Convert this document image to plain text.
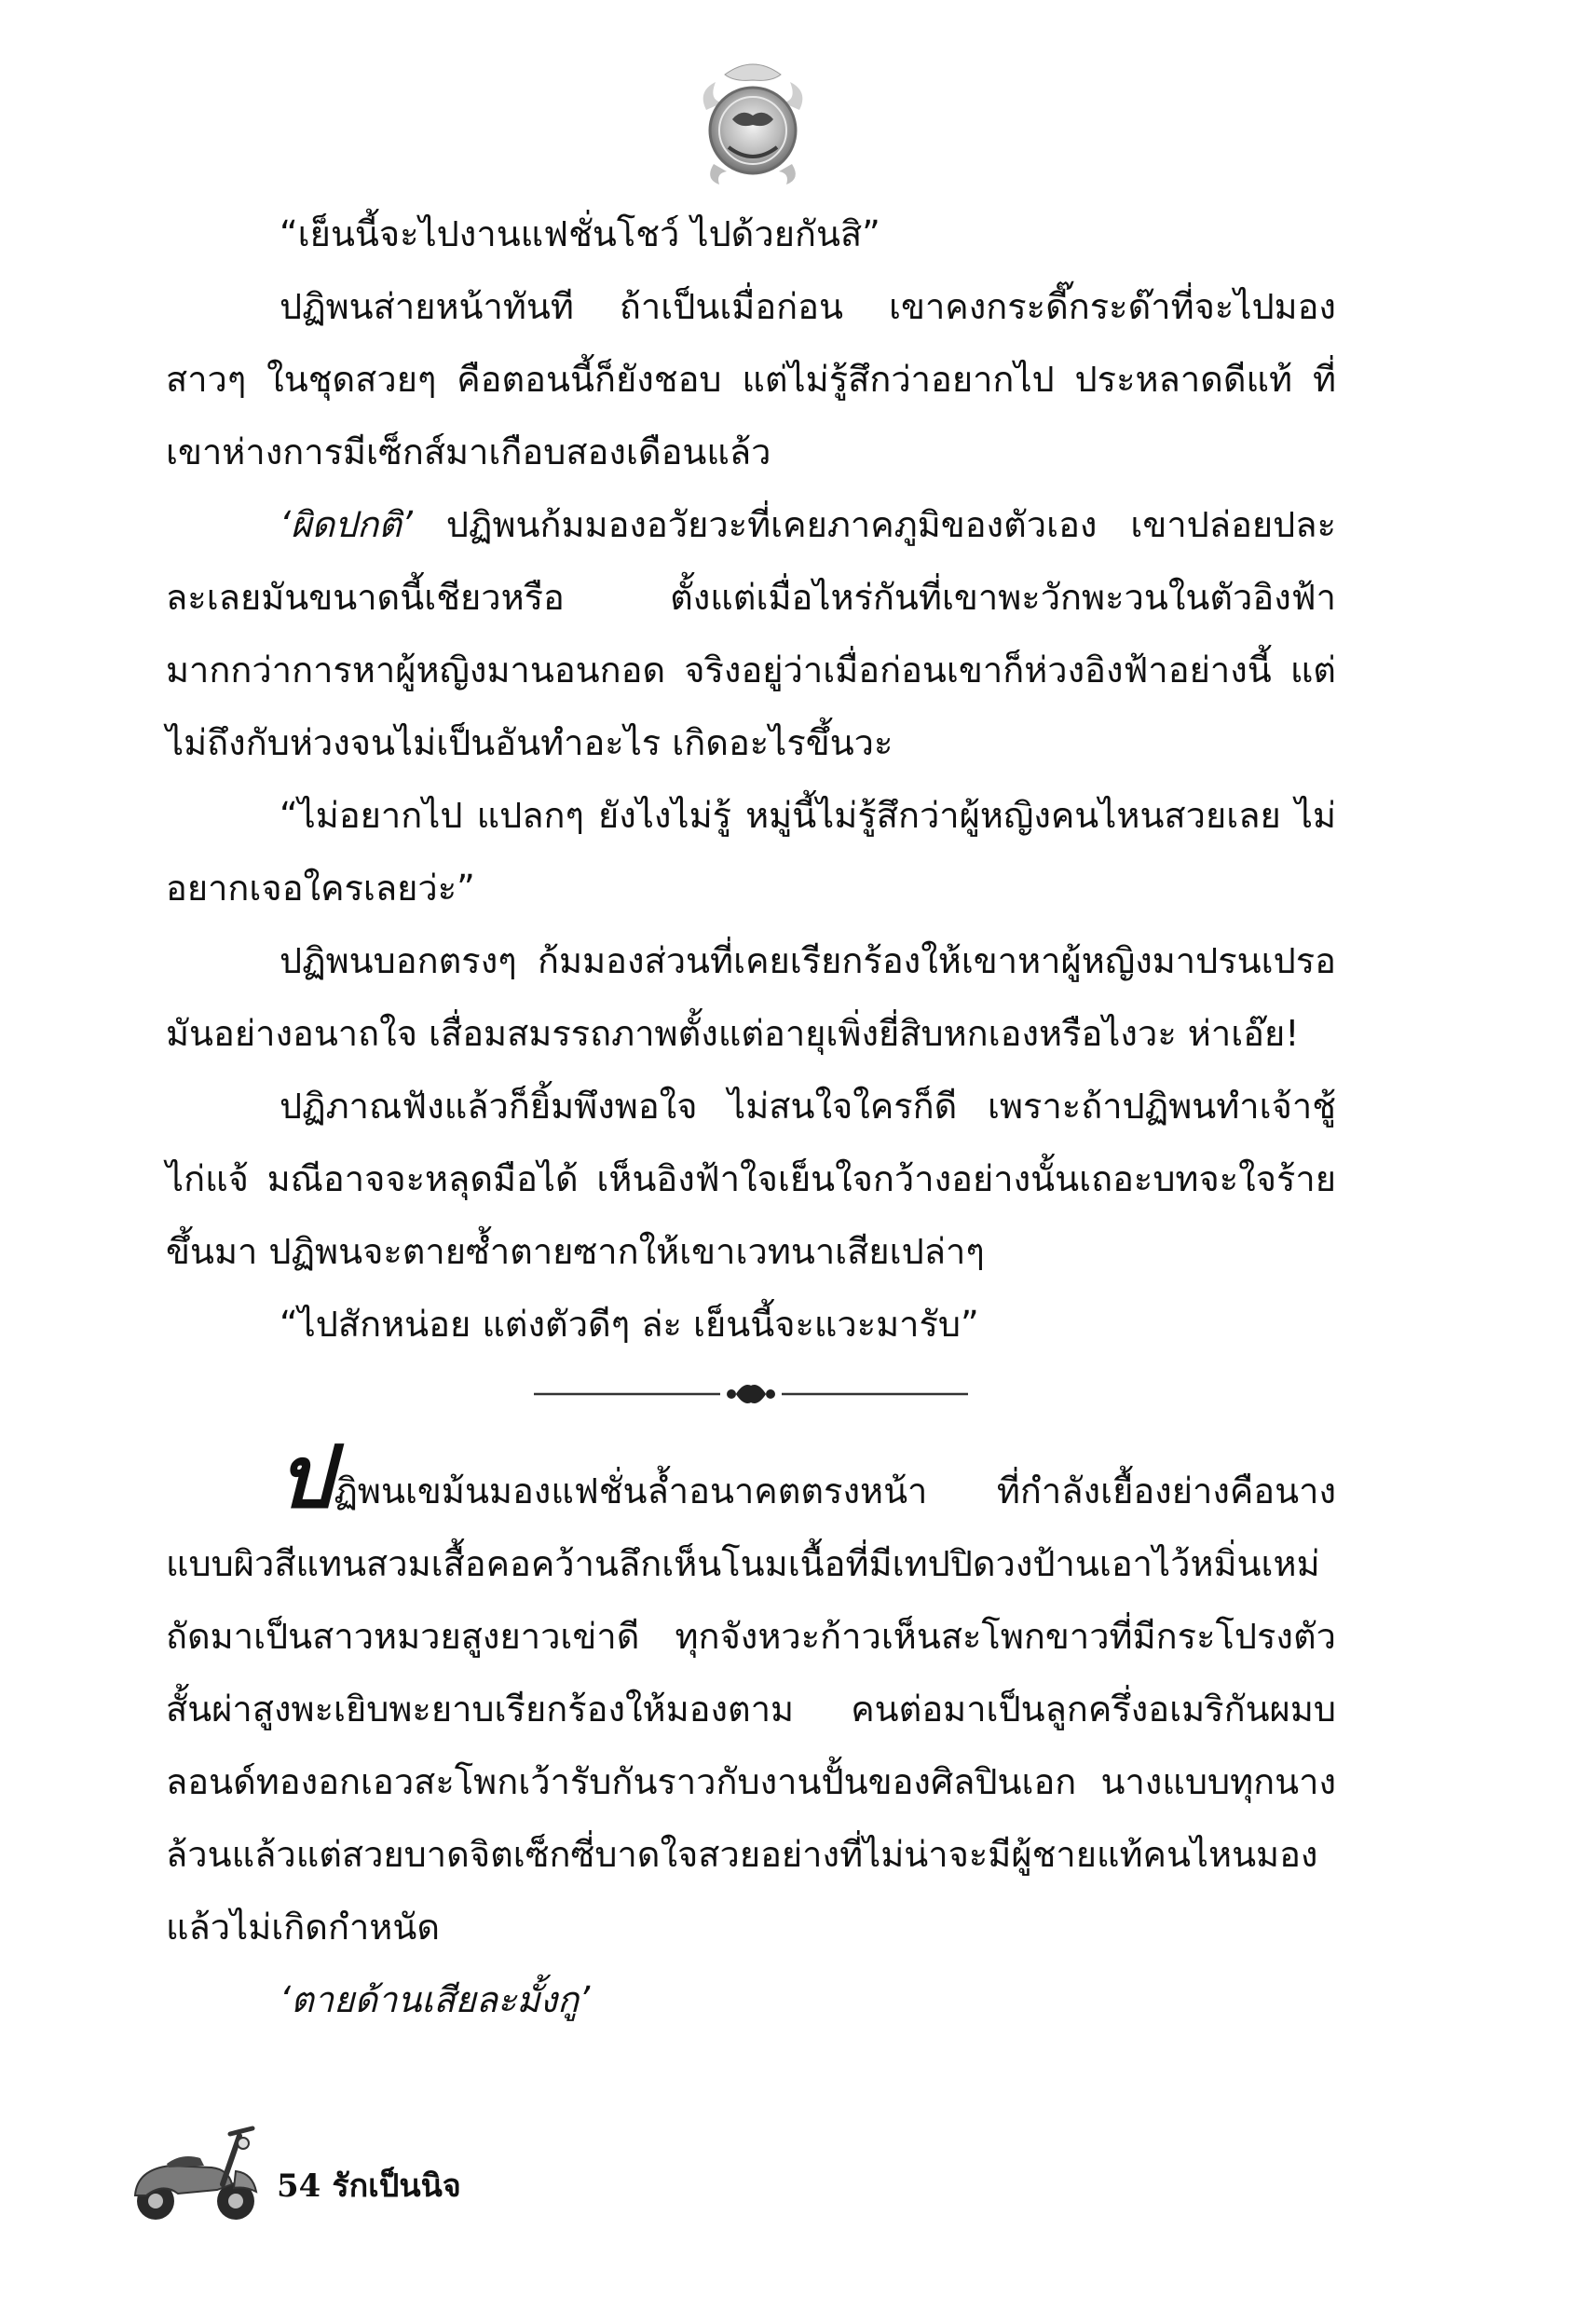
“เย็นนี้จะไปงานแฟชั่นโชว์ ไปด้วยกันสิ”

ปฏิพนส่ายหน้าทันที ถ้าเป็นเมื่อก่อน เขาคงกระดี๊กระด๊าที่จะไปมองสาวๆ ในชุดสวยๆ คือตอนนี้ก็ยังชอบ แต่ไม่รู้สึกว่าอยากไป ประหลาดดีแท้ ที่เขาห่างการมีเซ็กส์มาเกือบสองเดือนแล้ว

‘ผิดปกติ’ ปฏิพนก้มมองอวัยวะที่เคยภาคภูมิของตัวเอง เขาปล่อยปละละเลยมันขนาดนี้เชียวหรือ ตั้งแต่เมื่อไหร่กันที่เขาพะวักพะวนในตัวอิงฟ้ามากกว่าการหาผู้หญิงมานอนกอด จริงอยู่ว่าเมื่อก่อนเขาก็ห่วงอิงฟ้าอย่างนี้ แต่ไม่ถึงกับห่วงจนไม่เป็นอันทำอะไร เกิดอะไรขึ้นวะ

“ไม่อยากไป แปลกๆ ยังไงไม่รู้ หมู่นี้ไม่รู้สึกว่าผู้หญิงคนไหนสวยเลย ไม่อยากเจอใครเลยว่ะ”

ปฏิพนบอกตรงๆ ก้มมองส่วนที่เคยเรียกร้องให้เขาหาผู้หญิงมาปรนเปรอมันอย่างอนาถใจ เสื่อมสมรรถภาพตั้งแต่อายุเพิ่งยี่สิบหกเองหรือไงวะ ห่าเอ๊ย!

ปฏิภาณฟังแล้วก็ยิ้มพึงพอใจ ไม่สนใจใครก็ดี เพราะถ้าปฏิพนทำเจ้าชู้ไก่แจ้ มณีอาจจะหลุดมือได้ เห็นอิงฟ้าใจเย็นใจกว้างอย่างนั้นเถอะบทจะใจร้ายขึ้นมา ปฏิพนจะตายซ้ำตายซากให้เขาเวทนาเสียเปล่าๆ

“ไปสักหน่อย แต่งตัวดีๆ ล่ะ เย็นนี้จะแวะมารับ”

ปฏิพนเขม้นมองแฟชั่นล้ำอนาคตตรงหน้า ที่กำลังเยื้องย่างคือนางแบบผิวสีแทนสวมเสื้อคอคว้านลึกเห็นโนมเนื้อที่มีเทปปิดวงป้านเอาไว้หมิ่นเหม่ ถัดมาเป็นสาวหมวยสูงยาวเข่าดี ทุกจังหวะก้าวเห็นสะโพกขาวที่มีกระโปรงตัวสั้นผ่าสูงพะเยิบพะยาบเรียกร้องให้มองตาม คนต่อมาเป็นลูกครึ่งอเมริกันผมบลอนด์ทองอกเอวสะโพกเว้ารับกันราวกับงานปั้นของศิลปินเอก นางแบบทุกนางล้วนแล้วแต่สวยบาดจิตเซ็กซี่บาดใจสวยอย่างที่ไม่น่าจะมีผู้ชายแท้คนไหนมองแล้วไม่เกิดกำหนัด

‘ตายด้านเสียละมั้งกู’

54 รักเป็นนิจ
